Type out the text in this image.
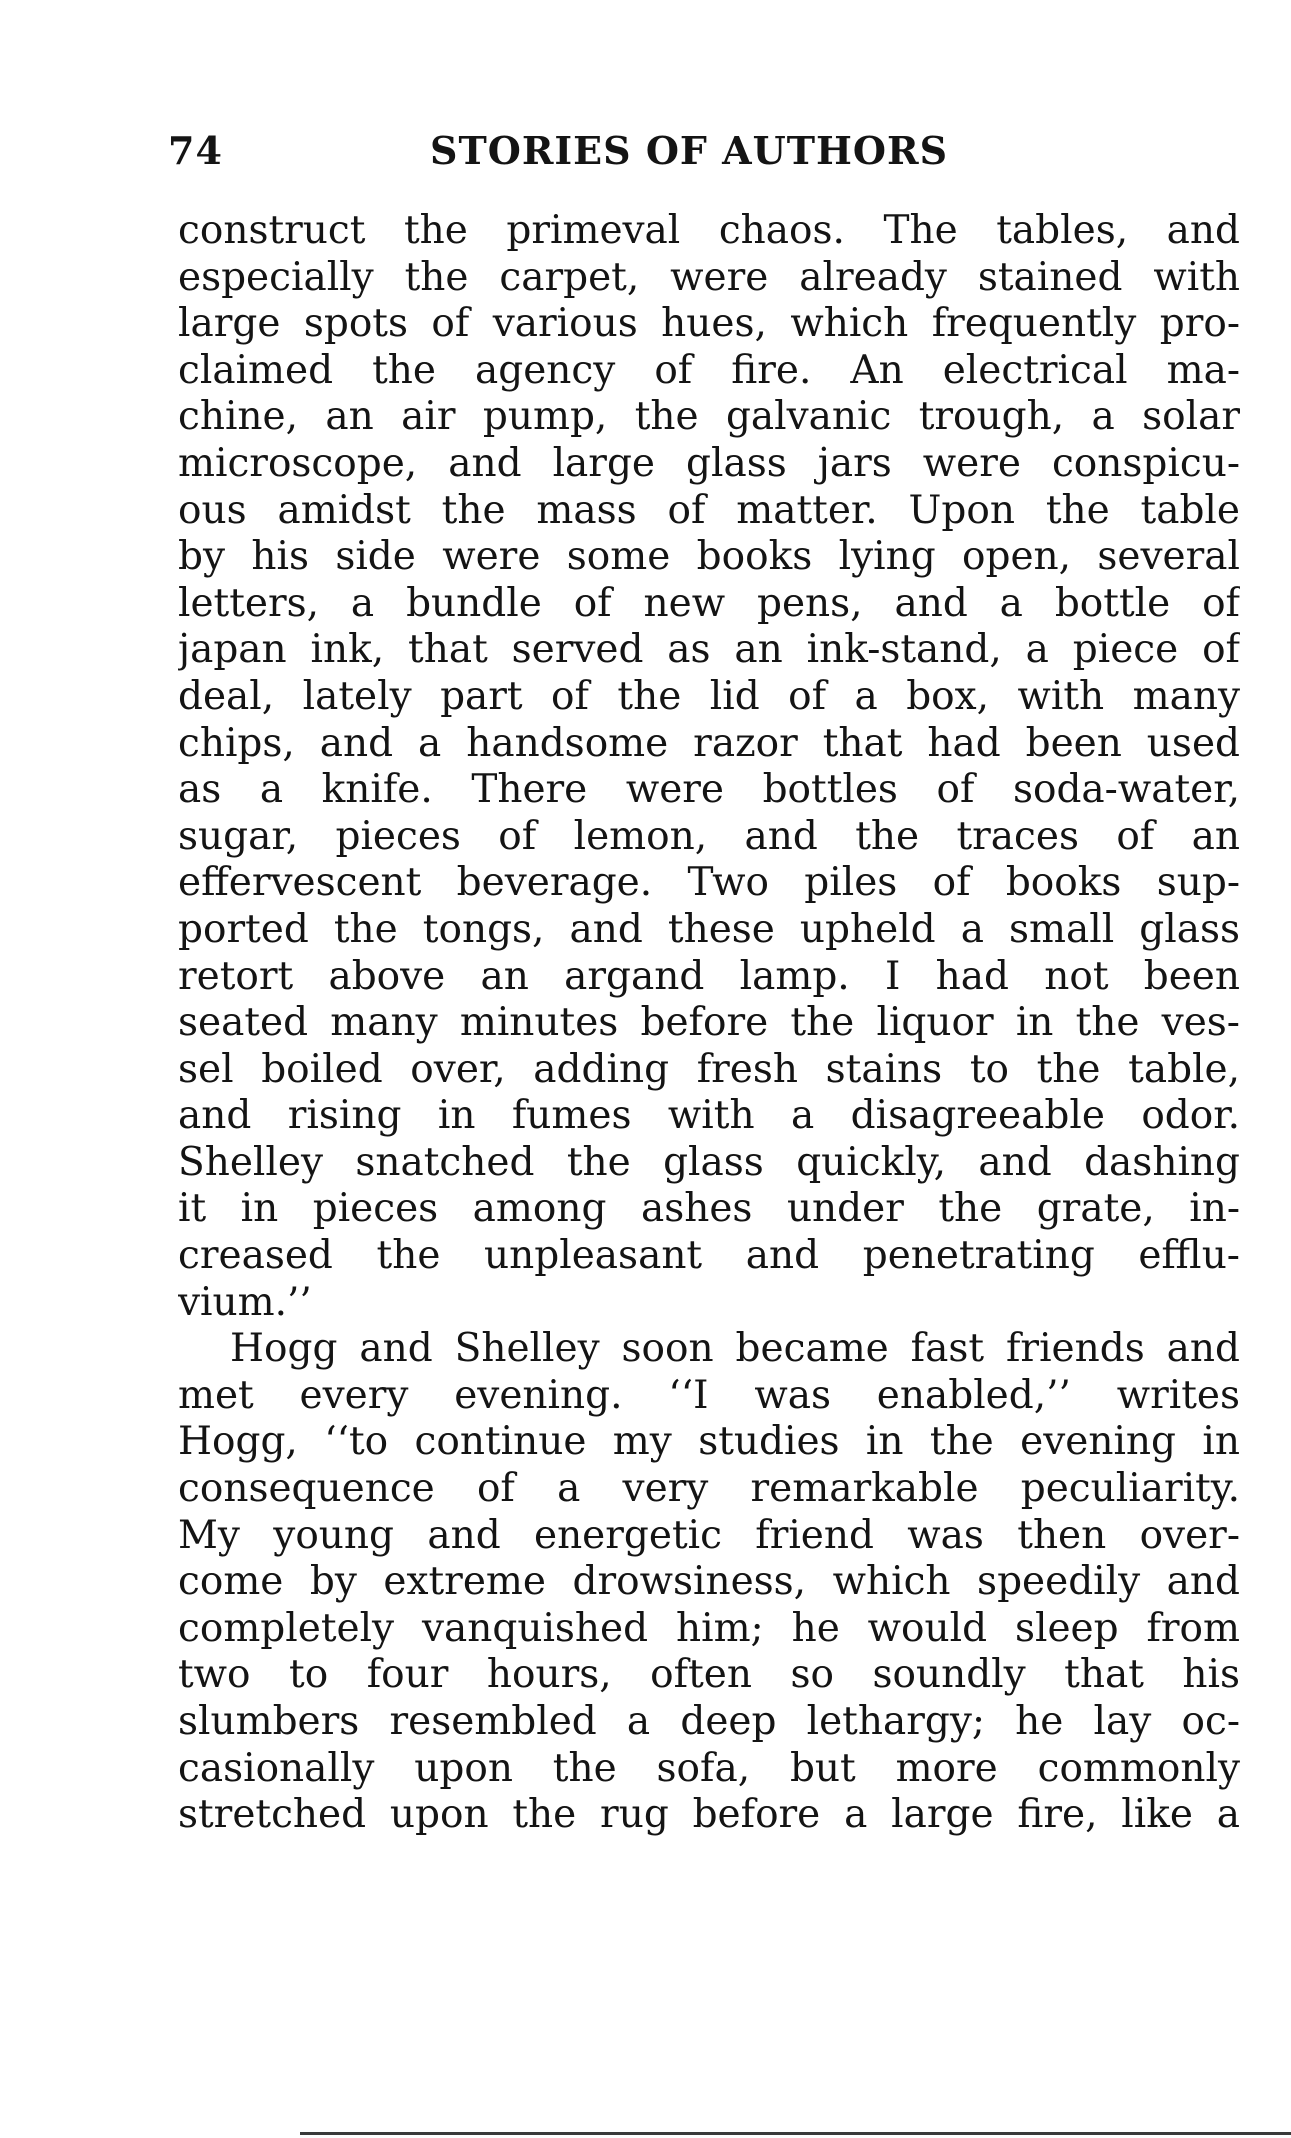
74	STORIES OF AUTHORS
construct the primeval chaos. The tables, and
especially the carpet, were already stained with
large spots of various hues, which frequently pro-
claimed the agency of fire. An electrical ma-
chine, an air pump, the galvanic trough, a solar
microscope, and large glass jars were conspicu-
ous amidst the mass of matter. Upon the table
by his side were some books lying open, several
letters, a bundle of new pens, and a bottle of
japan ink, that served as an ink-stand, a piece of
deal, lately part of the lid of a box, with many
chips, and a handsome razor that had been used
as a knife. There were bottles of soda-water,
sugar, pieces of lemon, and the traces of an
effervescent beverage. Two piles of books sup-
ported the tongs, and these upheld a small glass
retort above an argand lamp. I had not been
seated many minutes before the liquor in the ves-
sel boiled over, adding fresh stains to the table,
and rising in fumes with a disagreeable odor.
Shelley snatched the glass quickly, and dashing
it in pieces among ashes under the grate, in-
creased the unpleasant and penetrating efflu-
vium.’’
Hogg and Shelley soon became fast friends and
met every evening. ‘‘I was enabled,’’ writes
Hogg, ‘‘to continue my studies in the evening in
consequence of a very remarkable peculiarity.
My young and energetic friend was then over-
come by extreme drowsiness, which speedily and
completely vanquished him; he would sleep from
two to four hours, often so soundly that his
slumbers resembled a deep lethargy; he lay oc-
casionally upon the sofa, but more commonly
stretched upon the rug before a large fire, like a
